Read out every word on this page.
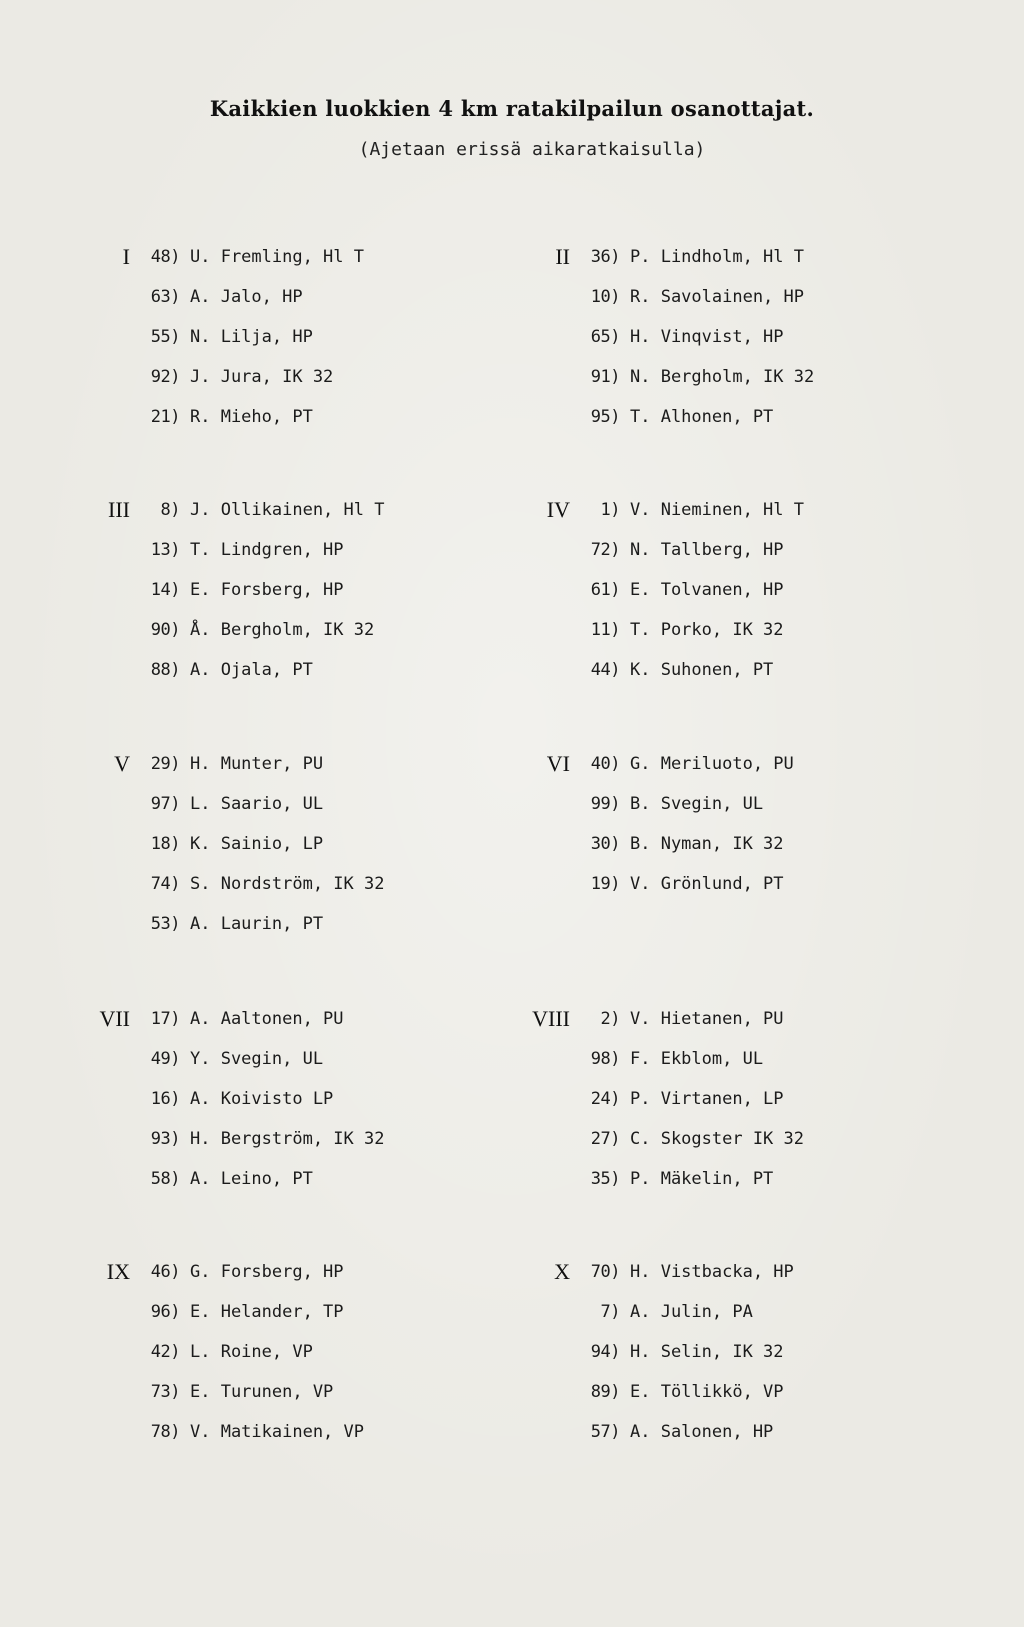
Kaikkien luokkien 4 km ratakilpailun osanottajat.
(Ajetaan erissä aikaratkaisulla)
I	48) U. Fremling, Hl T
63) A. Jalo, HP
55) N. Lilja, HP
92) J. Jura, IK 32
21) R. Mieho, PT
II	36) P. Lindholm, Hl T
10) R. Savolainen, HP
65) H. Vinqvist, HP
91) N. Bergholm, IK 32
95) T. Alhonen, PT
III	8) J. Ollikainen, Hl T
13) T. Lindgren, HP
14) E. Forsberg, HP
90) Å. Bergholm, IK 32
88) A. Ojala, PT
IV	1) V. Nieminen, Hl T
72) N. Tallberg, HP
61) E. Tolvanen, HP
11) T. Porko, IK 32
44) K. Suhonen, PT
V	29) H. Munter, PU
97) L. Saario, UL
18) K. Sainio, LP
74) S. Nordström, IK 32
53) A. Laurin, PT
VI	40) G. Meriluoto, PU
99) B. Svegin, UL
30) B. Nyman, IK 32
19) V. Grönlund, PT
VII	17) A. Aaltonen, PU
49) Y. Svegin, UL
16) A. Koivisto LP
93) H. Bergström, IK 32
58) A. Leino, PT
VIII	2) V. Hietanen, PU
98) F. Ekblom, UL
24) P. Virtanen, LP
27) C. Skogster IK 32
35) P. Mäkelin, PT
IX	46) G. Forsberg, HP
96) E. Helander, TP
42) L. Roine, VP
73) E. Turunen, VP
78) V. Matikainen, VP
X	70) H. Vistbacka, HP
7) A. Julin, PA
94) H. Selin, IK 32
89) E. Töllikkö, VP
57) A. Salonen, HP
